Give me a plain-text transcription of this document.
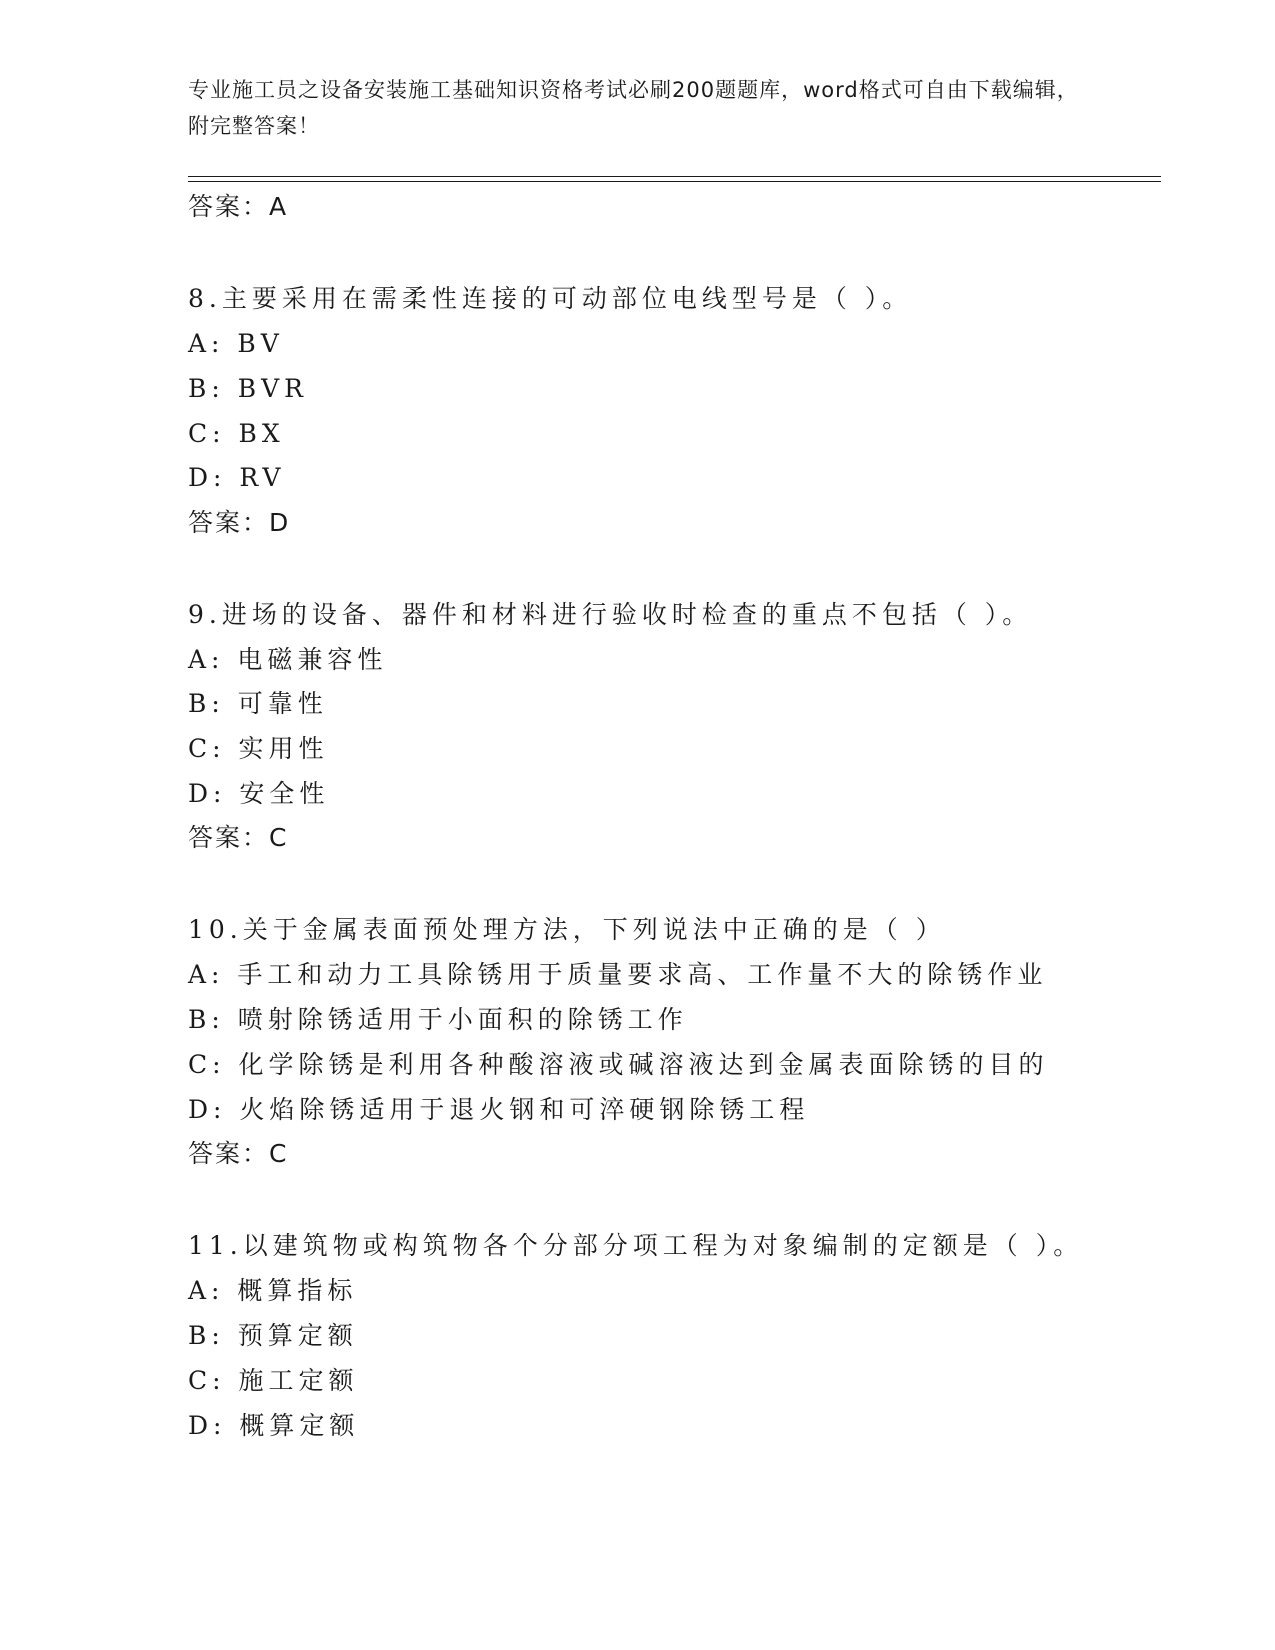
专业施工员之设备安装施工基础知识资格考试必刷200题题库，word格式可自由下载编辑，附完整答案！
答案：A
8.主要采用在需柔性连接的可动部位电线型号是（ ）。
A: BV
B: BVR
C: BX
D: RV
答案：D
9.进场的设备、器件和材料进行验收时检查的重点不包括（ ）。
A: 电磁兼容性
B: 可靠性
C: 实用性
D: 安全性
答案：C
10.关于金属表面预处理方法，下列说法中正确的是（ ）
A: 手工和动力工具除锈用于质量要求高、工作量不大的除锈作业
B: 喷射除锈适用于小面积的除锈工作
C: 化学除锈是利用各种酸溶液或碱溶液达到金属表面除锈的目的
D: 火焰除锈适用于退火钢和可淬硬钢除锈工程
答案：C
11.以建筑物或构筑物各个分部分项工程为对象编制的定额是（ ）。
A: 概算指标
B: 预算定额
C: 施工定额
D: 概算定额
